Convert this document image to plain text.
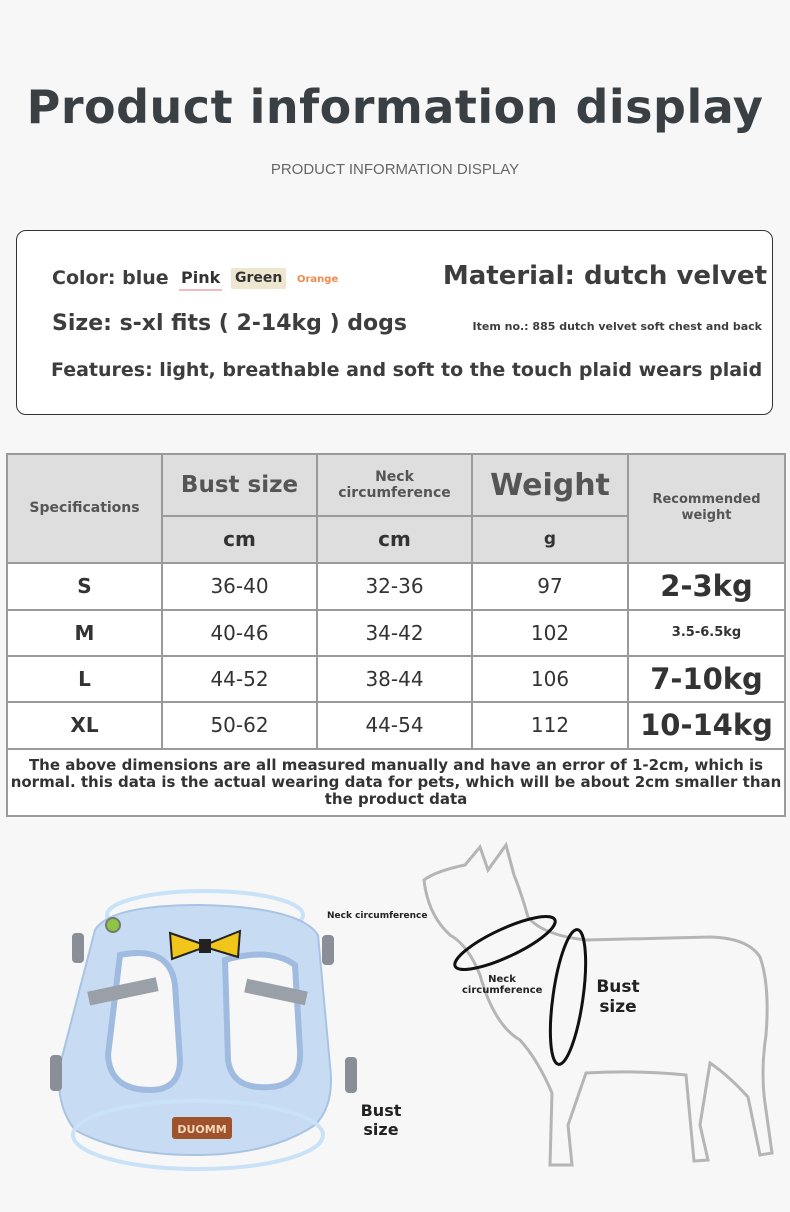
Product information display
PRODUCT INFORMATION DISPLAY
Color: blue Pink Green	Orange	Material: dutch velvet
Size: s-xl fits ( 2-14kg ) dogs	Item no.: 885 dutch velvet soft chest and back
Features: light, breathable and soft to the touch plaid wears plaid
Specifications	Bust size	Neck circumference	Weight	Recommended weight
	cm	cm	g	
S	36-40	32-36	97	2-3kg
M	40-46	34-42	102	3.5-6.5kg
L	44-52	38-44	106	7-10kg
XL	50-62	44-54	112	10-14kg
The above dimensions are all measured manually and have an error of 1-2cm, which is normal. this data is the actual wearing data for pets, which will be about 2cm smaller than the product data				
DUOMM
Neck circumference
Bust size
Neck circumference	Bust size
